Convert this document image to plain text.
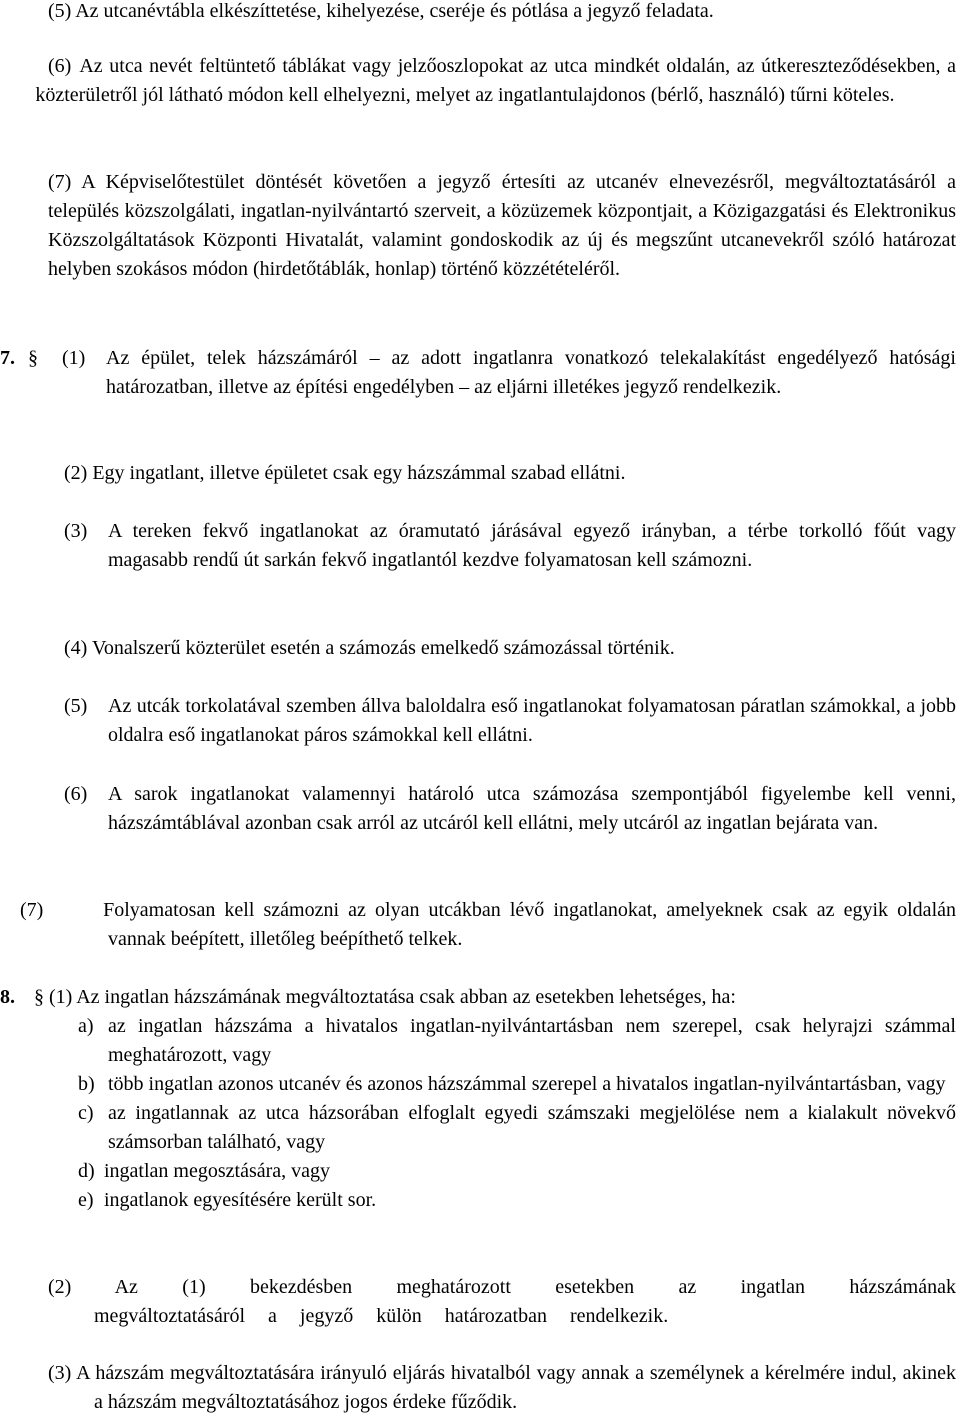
(5) Az utcanévtábla elkészíttetése, kihelyezése, cseréje és pótlása a jegyző feladata.

(6) Az utca nevét feltüntető táblákat vagy jelzőoszlopokat az utca mindkét oldalán, az útkereszteződésekben, a közterületről jól látható módon kell elhelyezni, melyet az ingatlantulajdonos (bérlő, használó) tűrni köteles.

(7) A Képviselőtestület döntését követően a jegyző értesíti az utcanév elnevezésről, megváltoztatásáról a település közszolgálati, ingatlan-nyilvántartó szerveit, a közüzemek központjait, a Közigazgatási és Elektronikus Közszolgáltatások Központi Hivatalát, valamint gondoskodik az új és megszűnt utcanevekről szóló határozat helyben szokásos módon (hirdetőtáblák, honlap) történő közzétételéről.

7. §	(1)	Az épület, telek házszámáról – az adott ingatlanra vonatkozó telekalakítást engedélyező hatósági határozatban, illetve az építési engedélyben – az eljárni illetékes jegyző rendelkezik.

(2) Egy ingatlant, illetve épületet csak egy házszámmal szabad ellátni.

(3)	A tereken fekvő ingatlanokat az óramutató járásával egyező irányban, a térbe torkolló főút vagy magasabb rendű út sarkán fekvő ingatlantól kezdve folyamatosan kell számozni.

(4) Vonalszerű közterület esetén a számozás emelkedő számozással történik.

(5)	Az utcák torkolatával szemben állva baloldalra eső ingatlanokat folyamatosan páratlan számokkal, a jobb oldalra eső ingatlanokat páros számokkal kell ellátni.

(6)	A sarok ingatlanokat valamennyi határoló utca számozása szempontjából figyelembe kell venni, házszámtáblával azonban csak arról az utcáról kell ellátni, mely utcáról az ingatlan bejárata van.

(7)	Folyamatosan kell számozni az olyan utcákban lévő ingatlanokat, amelyeknek csak az egyik oldalán vannak beépített, illetőleg beépíthető telkek.

8. § (1) Az ingatlan házszámának megváltoztatása csak abban az esetekben lehetséges, ha:

a) az ingatlan házszáma a hivatalos ingatlan-nyilvántartásban nem szerepel, csak helyrajzi számmal meghatározott, vagy

b) több ingatlan azonos utcanév és azonos házszámmal szerepel a hivatalos ingatlan-nyilvántartásban, vagy

c) az ingatlannak az utca házsorában elfoglalt egyedi számszaki megjelölése nem a kialakult növekvő számsorban található, vagy

d) ingatlan megosztására, vagy

e) ingatlanok egyesítésére került sor.

(2) Az (1) bekezdésben meghatározott esetekben az ingatlan házszámának megváltoztatásáról a jegyző külön határozatban rendelkezik.

(3) A házszám megváltoztatására irányuló eljárás hivatalból vagy annak a személynek a kérelmére indul, akinek a házszám megváltoztatásához jogos érdeke fűződik.
